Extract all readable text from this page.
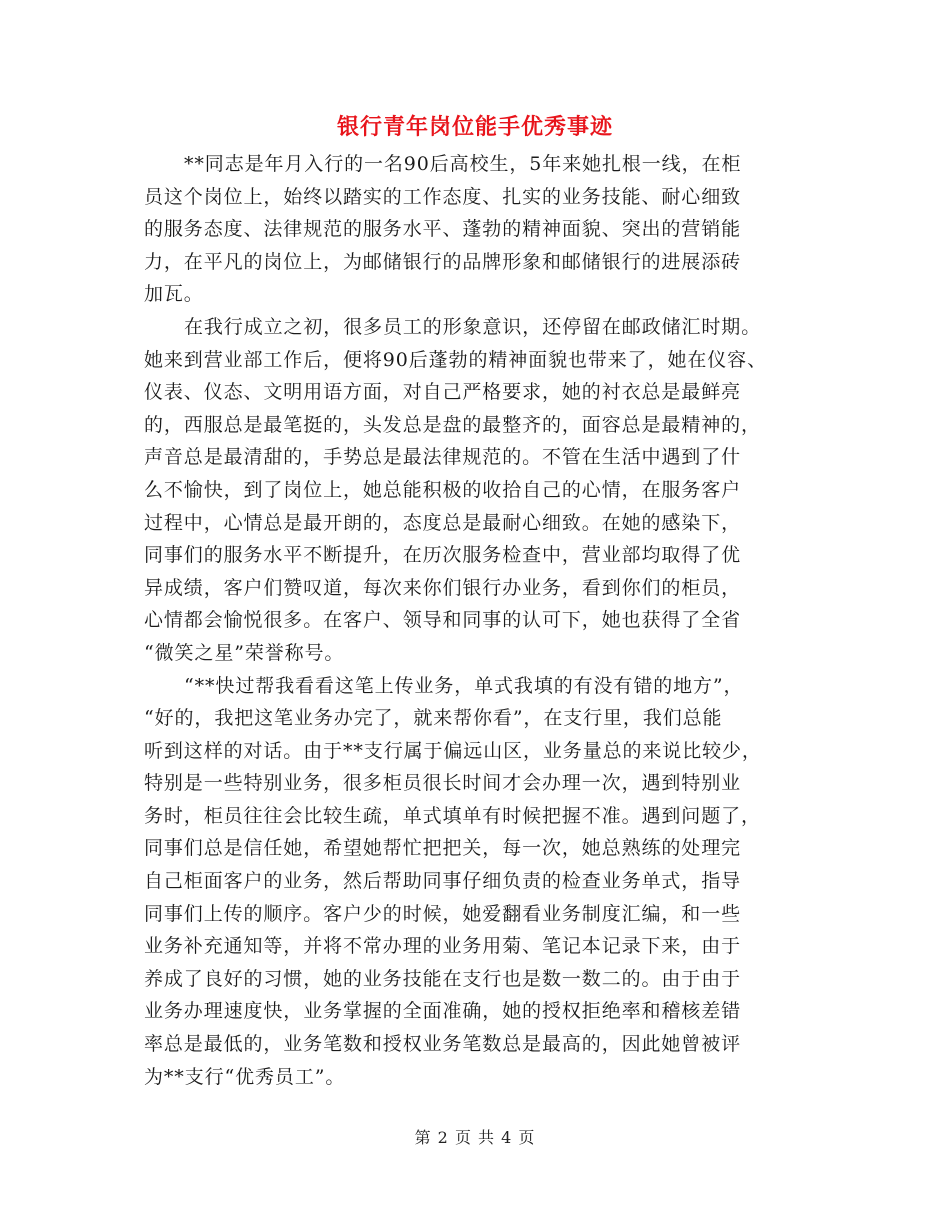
银行青年岗位能手优秀事迹
**同志是年月入行的一名90后高校生，5年来她扎根一线，在柜
员这个岗位上，始终以踏实的工作态度、扎实的业务技能、耐心细致
的服务态度、法律规范的服务水平、蓬勃的精神面貌、突出的营销能
力，在平凡的岗位上，为邮储银行的品牌形象和邮储银行的进展添砖
加瓦。
在我行成立之初，很多员工的形象意识，还停留在邮政储汇时期。
她来到营业部工作后，便将90后蓬勃的精神面貌也带来了，她在仪容、
仪表、仪态、文明用语方面，对自己严格要求，她的衬衣总是最鲜亮
的，西服总是最笔挺的，头发总是盘的最整齐的，面容总是最精神的，
声音总是最清甜的，手势总是最法律规范的。不管在生活中遇到了什
么不愉快，到了岗位上，她总能积极的收拾自己的心情，在服务客户
过程中，心情总是最开朗的，态度总是最耐心细致。在她的感染下，
同事们的服务水平不断提升，在历次服务检查中，营业部均取得了优
异成绩，客户们赞叹道，每次来你们银行办业务，看到你们的柜员，
心情都会愉悦很多。在客户、领导和同事的认可下，她也获得了全省
“微笑之星”荣誉称号。
“**快过帮我看看这笔上传业务，单式我填的有没有错的地方”，
“好的，我把这笔业务办完了，就来帮你看”，在支行里，我们总能
听到这样的对话。由于**支行属于偏远山区，业务量总的来说比较少，
特别是一些特别业务，很多柜员很长时间才会办理一次，遇到特别业
务时，柜员往往会比较生疏，单式填单有时候把握不准。遇到问题了，
同事们总是信任她，希望她帮忙把把关，每一次，她总熟练的处理完
自己柜面客户的业务，然后帮助同事仔细负责的检查业务单式，指导
同事们上传的顺序。客户少的时候，她爱翻看业务制度汇编，和一些
业务补充通知等，并将不常办理的业务用菊、笔记本记录下来，由于
养成了良好的习惯，她的业务技能在支行也是数一数二的。由于由于
业务办理速度快，业务掌握的全面准确，她的授权拒绝率和稽核差错
率总是最低的，业务笔数和授权业务笔数总是最高的，因此她曾被评
为**支行“优秀员工”。
第 2 页 共 4 页
